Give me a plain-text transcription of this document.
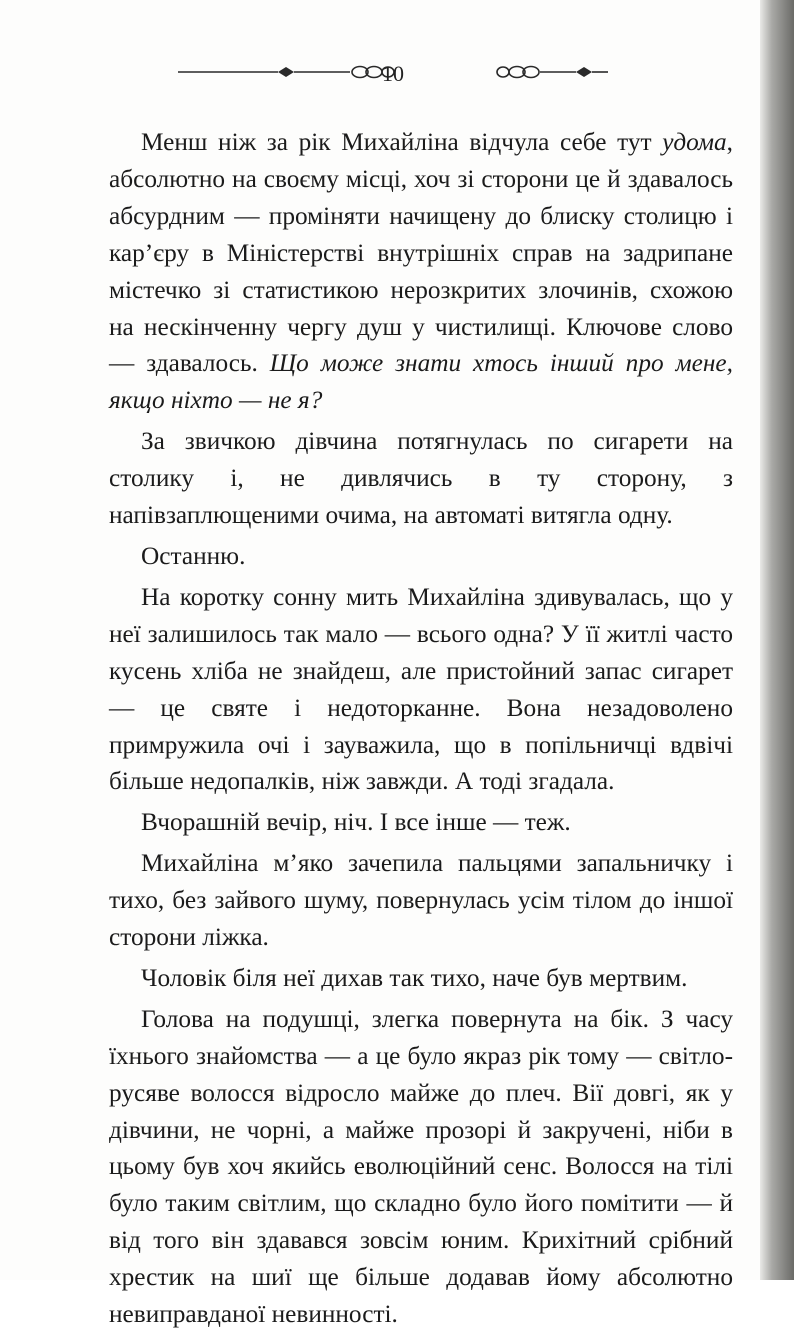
10

Менш ніж за рік Михайліна відчула себе тут удома, абсолютно на своєму місці, хоч зі сторони це й здавалось абсурдним — проміняти начищену до блиску столицю і кар’єру в Міністерстві внутрішніх справ на задрипане містечко зі статистикою нерозкритих злочинів, схожою на нескінченну чергу душ у чистилищі. Ключове слово — здавалось. Що може знати хтось інший про мене, якщо ніхто — не я?

За звичкою дівчина потягнулась по сигарети на столику і, не дивлячись в ту сторону, з напівзаплющеними очима, на автоматі витягла одну.

Останню.

На коротку сонну мить Михайліна здивувалась, що у неї залишилось так мало — всього одна? У її житлі часто кусень хліба не знайдеш, але пристойний запас сигарет — це святе і недоторканне. Вона незадоволено примружила очі і зауважила, що в попільничці вдвічі більше недопалків, ніж завжди. А тоді згадала.

Вчорашній вечір, ніч. І все інше — теж.

Михайліна м’яко зачепила пальцями запальничку і тихо, без зайвого шуму, повернулась усім тілом до іншої сторони ліжка.

Чоловік біля неї дихав так тихо, наче був мертвим.

Голова на подушці, злегка повернута на бік. З часу їхнього знайомства — а це було якраз рік тому — світло-русяве волосся відросло майже до плеч. Вії довгі, як у дівчини, не чорні, а майже прозорі й закручені, ніби в цьому був хоч якийсь еволюційний сенс. Волосся на тілі було таким світлим, що складно було його помітити — й від того він здавався зовсім юним. Крихітний срібний хрестик на шиї ще більше додавав йому абсолютно невиправданої невинності.
